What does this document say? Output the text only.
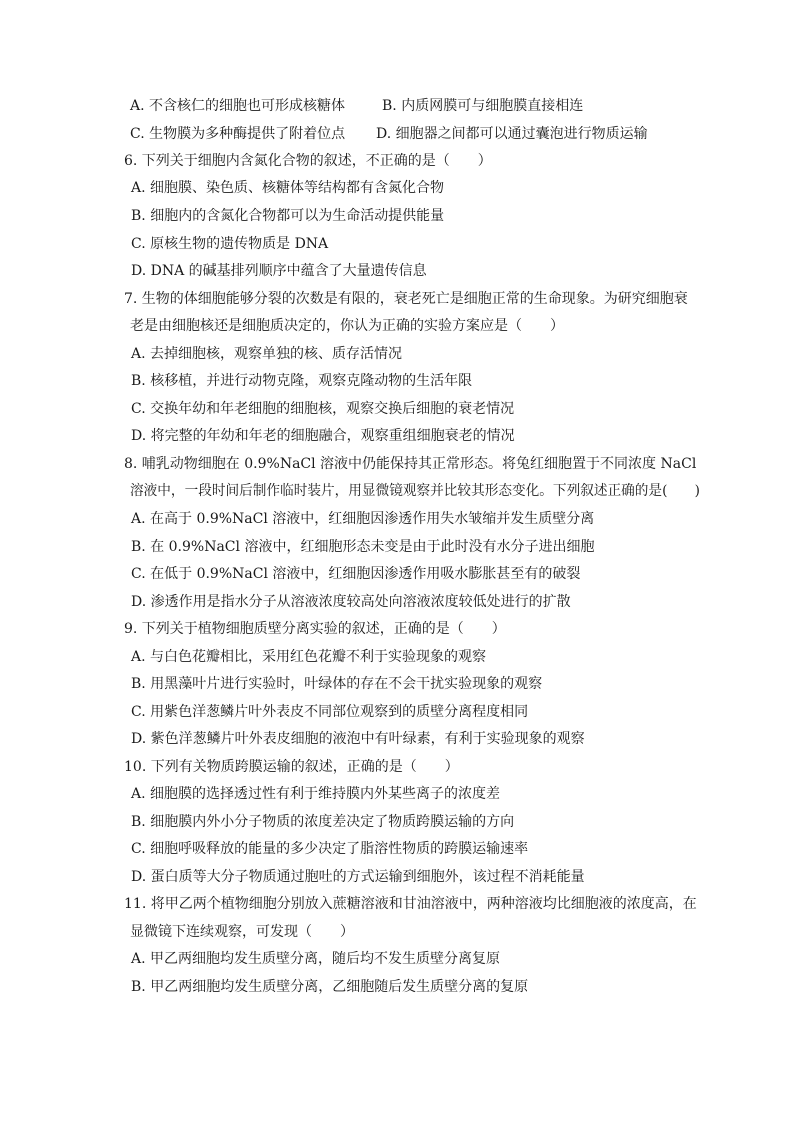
A. 不含核仁的细胞也可形成核糖体	B. 内质网膜可与细胞膜直接相连
C. 生物膜为多种酶提供了附着位点 D. 细胞器之间都可以通过囊泡进行物质运输
6. 下列关于细胞内含氮化合物的叙述，不正确的是（　　）
A. 细胞膜、染色质、核糖体等结构都有含氮化合物
B. 细胞内的含氮化合物都可以为生命活动提供能量
C. 原核生物的遗传物质是 DNA
D. DNA 的碱基排列顺序中蕴含了大量遗传信息
7. 生物的体细胞能够分裂的次数是有限的，衰老死亡是细胞正常的生命现象。为研究细胞衰
老是由细胞核还是细胞质决定的，你认为正确的实验方案应是（　　）
A. 去掉细胞核，观察单独的核、质存活情况
B. 核移植，并进行动物克隆，观察克隆动物的生活年限
C. 交换年幼和年老细胞的细胞核，观察交换后细胞的衰老情况
D. 将完整的年幼和年老的细胞融合，观察重组细胞衰老的情况
8. 哺乳动物细胞在 0.9%NaCl 溶液中仍能保持其正常形态。将兔红细胞置于不同浓度 NaCl
溶液中，一段时间后制作临时装片，用显微镜观察并比较其形态变化。下列叙述正确的是(　　)
A. 在高于 0.9%NaCl 溶液中，红细胞因渗透作用失水皱缩并发生质壁分离
B. 在 0.9%NaCl 溶液中，红细胞形态未变是由于此时没有水分子进出细胞
C. 在低于 0.9%NaCl 溶液中，红细胞因渗透作用吸水膨胀甚至有的破裂
D. 渗透作用是指水分子从溶液浓度较高处向溶液浓度较低处进行的扩散
9. 下列关于植物细胞质壁分离实验的叙述，正确的是（　　）
A. 与白色花瓣相比，采用红色花瓣不利于实验现象的观察
B. 用黑藻叶片进行实验时，叶绿体的存在不会干扰实验现象的观察
C. 用紫色洋葱鳞片叶外表皮不同部位观察到的质壁分离程度相同
D. 紫色洋葱鳞片叶外表皮细胞的液泡中有叶绿素，有利于实验现象的观察
10. 下列有关物质跨膜运输的叙述，正确的是（　　）
A. 细胞膜的选择透过性有利于维持膜内外某些离子的浓度差
B. 细胞膜内外小分子物质的浓度差决定了物质跨膜运输的方向
C. 细胞呼吸释放的能量的多少决定了脂溶性物质的跨膜运输速率
D. 蛋白质等大分子物质通过胞吐的方式运输到细胞外，该过程不消耗能量
11. 将甲乙两个植物细胞分别放入蔗糖溶液和甘油溶液中，两种溶液均比细胞液的浓度高，在
显微镜下连续观察，可发现（　　）
A. 甲乙两细胞均发生质壁分离，随后均不发生质壁分离复原
B. 甲乙两细胞均发生质壁分离，乙细胞随后发生质壁分离的复原
